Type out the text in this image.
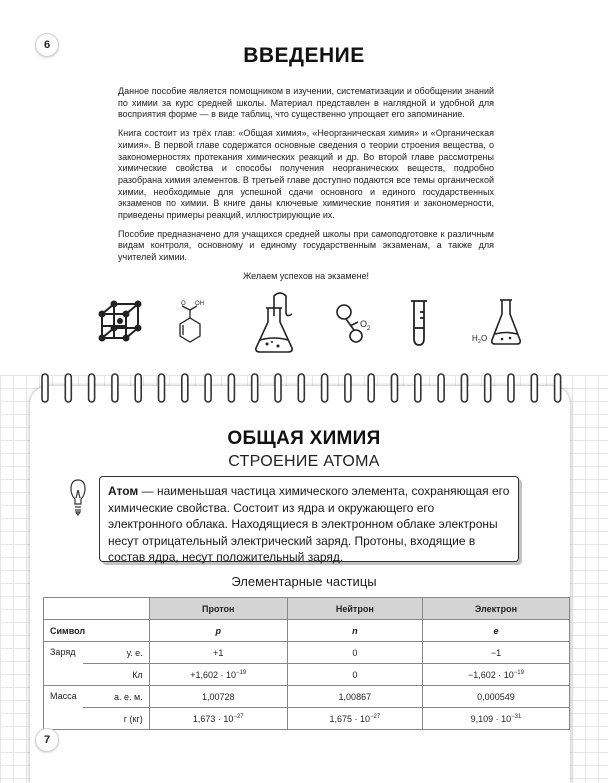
6	ВВЕДЕНИЕ

Данное пособие является помощником в изучении, систематизации и обобщении знаний по химии за курс средней школы. Материал представлен в наглядной и удобной для восприятия форме — в виде таблиц, что существенно упрощает его запоминание.

Книга состоит из трёх глав: «Общая химия», «Неорганическая химия» и «Органическая химия». В первой главе содержатся основные сведения о теории строения вещества, о закономерностях протекания химических реакций и др. Во второй главе рассмотрены химические свойства и способы получения неорганических веществ, подробно разобрана химия элементов. В третьей главе доступно подаются все темы органической химии, необходимые для успешной сдачи основного и единого государственных экзаменов по химии. В книге даны ключевые химические понятия и закономерности, приведены примеры реакций, иллюстрирующие их.

Пособие предназначено для учащихся средней школы при самоподготовке к различным видам контроля, основному и единому государственным экзаменам, а также для учителей химии.

Желаем успехов на экзамене!

O OH
O 2
H 2 O
ОБЩАЯ ХИМИЯ
СТРОЕНИЕ АТОМА
Атом — наименьшая частица химического элемента, сохраняющая его химические свойства. Состоит из ядра и окружающего его электронного облака. Находящиеся в электронном облаке электроны несут отрицательный электрический заряд. Протоны, входящие в состав ядра, несут положительный заряд.
Элементарные частицы
		Протон	Нейтрон	Электрон
Символ		p	n	e
Заряд	у. е.	+1	0	−1
	Кл	$+1,602 \cdot 10^{-19}$	0	$-1,602 \cdot 10^{-19}$
Масса	а. е. м.	1,00728	1,00867	0,000549
	г (кг)	$1,673 \cdot 10^{-27}$	$1,675 \cdot 10^{-27}$	$9,109 \cdot 10^{-31}$
7
